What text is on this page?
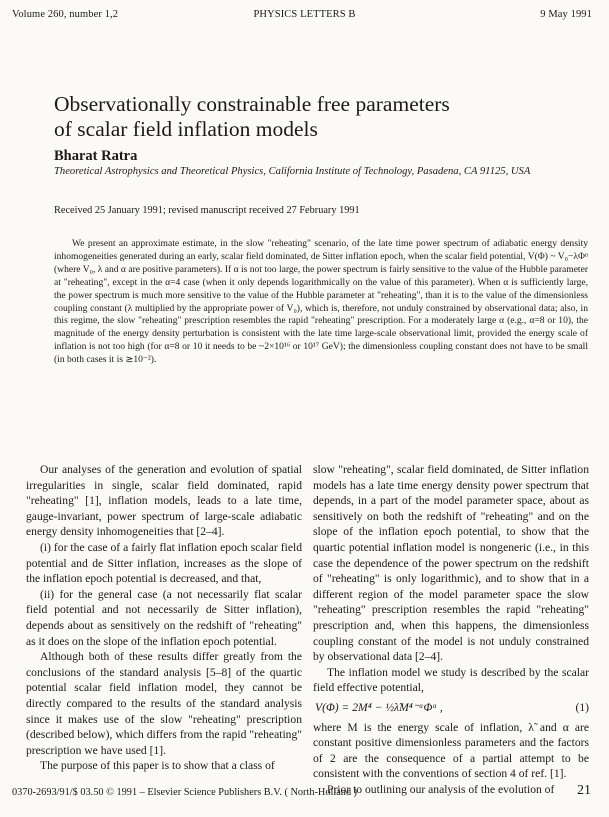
Volume 260, number 1,2	PHYSICS LETTERS B	9 May 1991
Observationally constrainable free parameters
of scalar field inflation models
Bharat Ratra
Theoretical Astrophysics and Theoretical Physics, California Institute of Technology, Pasadena, CA 91125, USA
Received 25 January 1991; revised manuscript received 27 February 1991
We present an approximate estimate, in the slow "reheating" scenario, of the late time power spectrum of adiabatic energy density inhomogeneities generated during an early, scalar field dominated, de Sitter inflation epoch, when the scalar field potential, V(Φ) ~ V₀−λΦᵅ (where V₀, λ and α are positive parameters). If α is not too large, the power spectrum is fairly sensitive to the value of the Hubble parameter at "reheating", except in the α=4 case (when it only depends logarithmically on the value of this parameter). When α is sufficiently large, the power spectrum is much more sensitive to the value of the Hubble parameter at "reheating", than it is to the value of the dimensionless coupling constant (λ multiplied by the appropriate power of V₀), which is, therefore, not unduly constrained by observational data; also, in this regime, the slow "reheating" prescription resembles the rapid "reheating" prescription. For a moderately large α (e.g., α=8 or 10), the magnitude of the energy density perturbation is consistent with the late time large-scale observational limit, provided the energy scale of inflation is not too high (for α=8 or 10 it needs to be ~2×10¹⁶ or 10¹⁷ GeV); the dimensionless coupling constant does not have to be small (in both cases it is ≳10⁻²).

Our analyses of the generation and evolution of spatial irregularities in single, scalar field dominated, rapid "reheating" [1], inflation models, leads to a late time, gauge-invariant, power spectrum of large-scale adiabatic energy density inhomogeneities that [2–4].

(i) for the case of a fairly flat inflation epoch scalar field potential and de Sitter inflation, increases as the slope of the inflation epoch potential is decreased, and that,

(ii) for the general case (a not necessarily flat scalar field potential and not necessarily de Sitter inflation), depends about as sensitively on the redshift of "reheating" as it does on the slope of the inflation epoch potential.

Although both of these results differ greatly from the conclusions of the standard analysis [5–8] of the quartic potential scalar field inflation model, they cannot be directly compared to the results of the standard analysis since it makes use of the slow "reheating" prescription (described below), which differs from the rapid "reheating" prescription we have used [1].

The purpose of this paper is to show that a class of

slow "reheating", scalar field dominated, de Sitter inflation models has a late time energy density power spectrum that depends, in a part of the model parameter space, about as sensitively on both the redshift of "reheating" and on the slope of the inflation epoch potential, to show that the quartic potential inflation model is nongeneric (i.e., in this case the dependence of the power spectrum on the redshift of "reheating" is only logarithmic), and to show that in a different region of the model parameter space the slow "reheating" prescription resembles the rapid "reheating" prescription and, when this happens, the dimensionless coupling constant of the model is not unduly constrained by observational data [2–4].

The inflation model we study is described by the scalar field effective potential,

V(Φ) = 2M⁴ − ½λ̃M⁴⁻ᵅΦᵅ ,	(1)

where M is the energy scale of inflation, λ̃ and α are constant positive dimensionless parameters and the factors of 2 are the consequence of a partial attempt to be consistent with the conventions of section 4 of ref. [1].

Prior to outlining our analysis of the evolution of

0370-2693/91/$ 03.50 © 1991 – Elsevier Science Publishers B.V. ( North-Holland )	21
